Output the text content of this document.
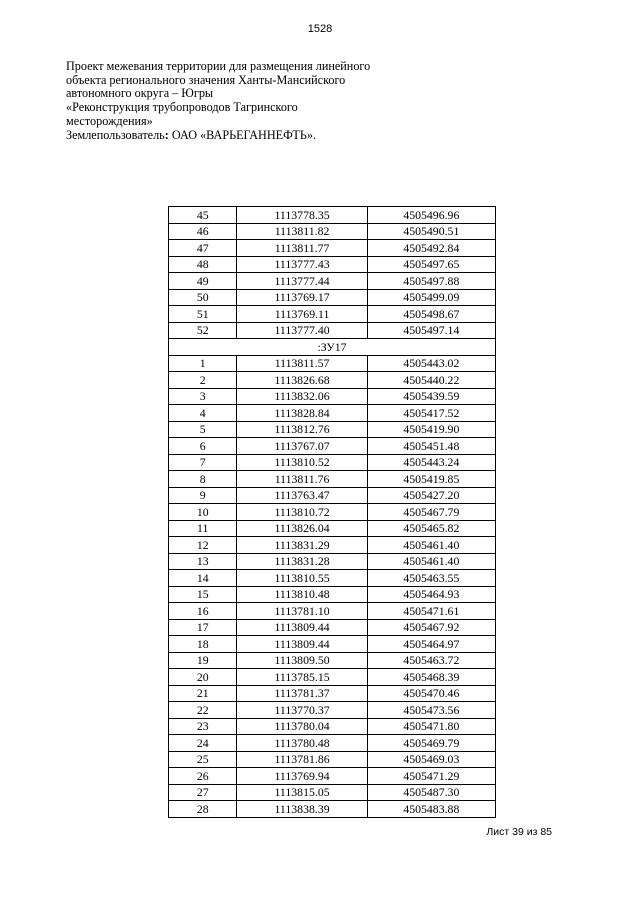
1528
Проект межевания территории для размещения линейного
объекта регионального значения Ханты-Мансийского
автономного округа – Югры
«Реконструкция трубопроводов Тагринского
месторождения»
Землепользователь: ОАО «ВАРЬЕГАННЕФТЬ».
45	1113778.35	4505496.96
46	1113811.82	4505490.51
47	1113811.77	4505492.84
48	1113777.43	4505497.65
49	1113777.44	4505497.88
50	1113769.17	4505499.09
51	1113769.11	4505498.67
52	1113777.40	4505497.14
:ЗУ17		
1	1113811.57	4505443.02
2	1113826.68	4505440.22
3	1113832.06	4505439.59
4	1113828.84	4505417.52
5	1113812.76	4505419.90
6	1113767.07	4505451.48
7	1113810.52	4505443.24
8	1113811.76	4505419.85
9	1113763.47	4505427.20
10	1113810.72	4505467.79
11	1113826.04	4505465.82
12	1113831.29	4505461.40
13	1113831.28	4505461.40
14	1113810.55	4505463.55
15	1113810.48	4505464.93
16	1113781.10	4505471.61
17	1113809.44	4505467.92
18	1113809.44	4505464.97
19	1113809.50	4505463.72
20	1113785.15	4505468.39
21	1113781.37	4505470.46
22	1113770.37	4505473.56
23	1113780.04	4505471.80
24	1113780.48	4505469.79
25	1113781.86	4505469.03
26	1113769.94	4505471.29
27	1113815.05	4505487.30
28	1113838.39	4505483.88
Лист 39 из 85
